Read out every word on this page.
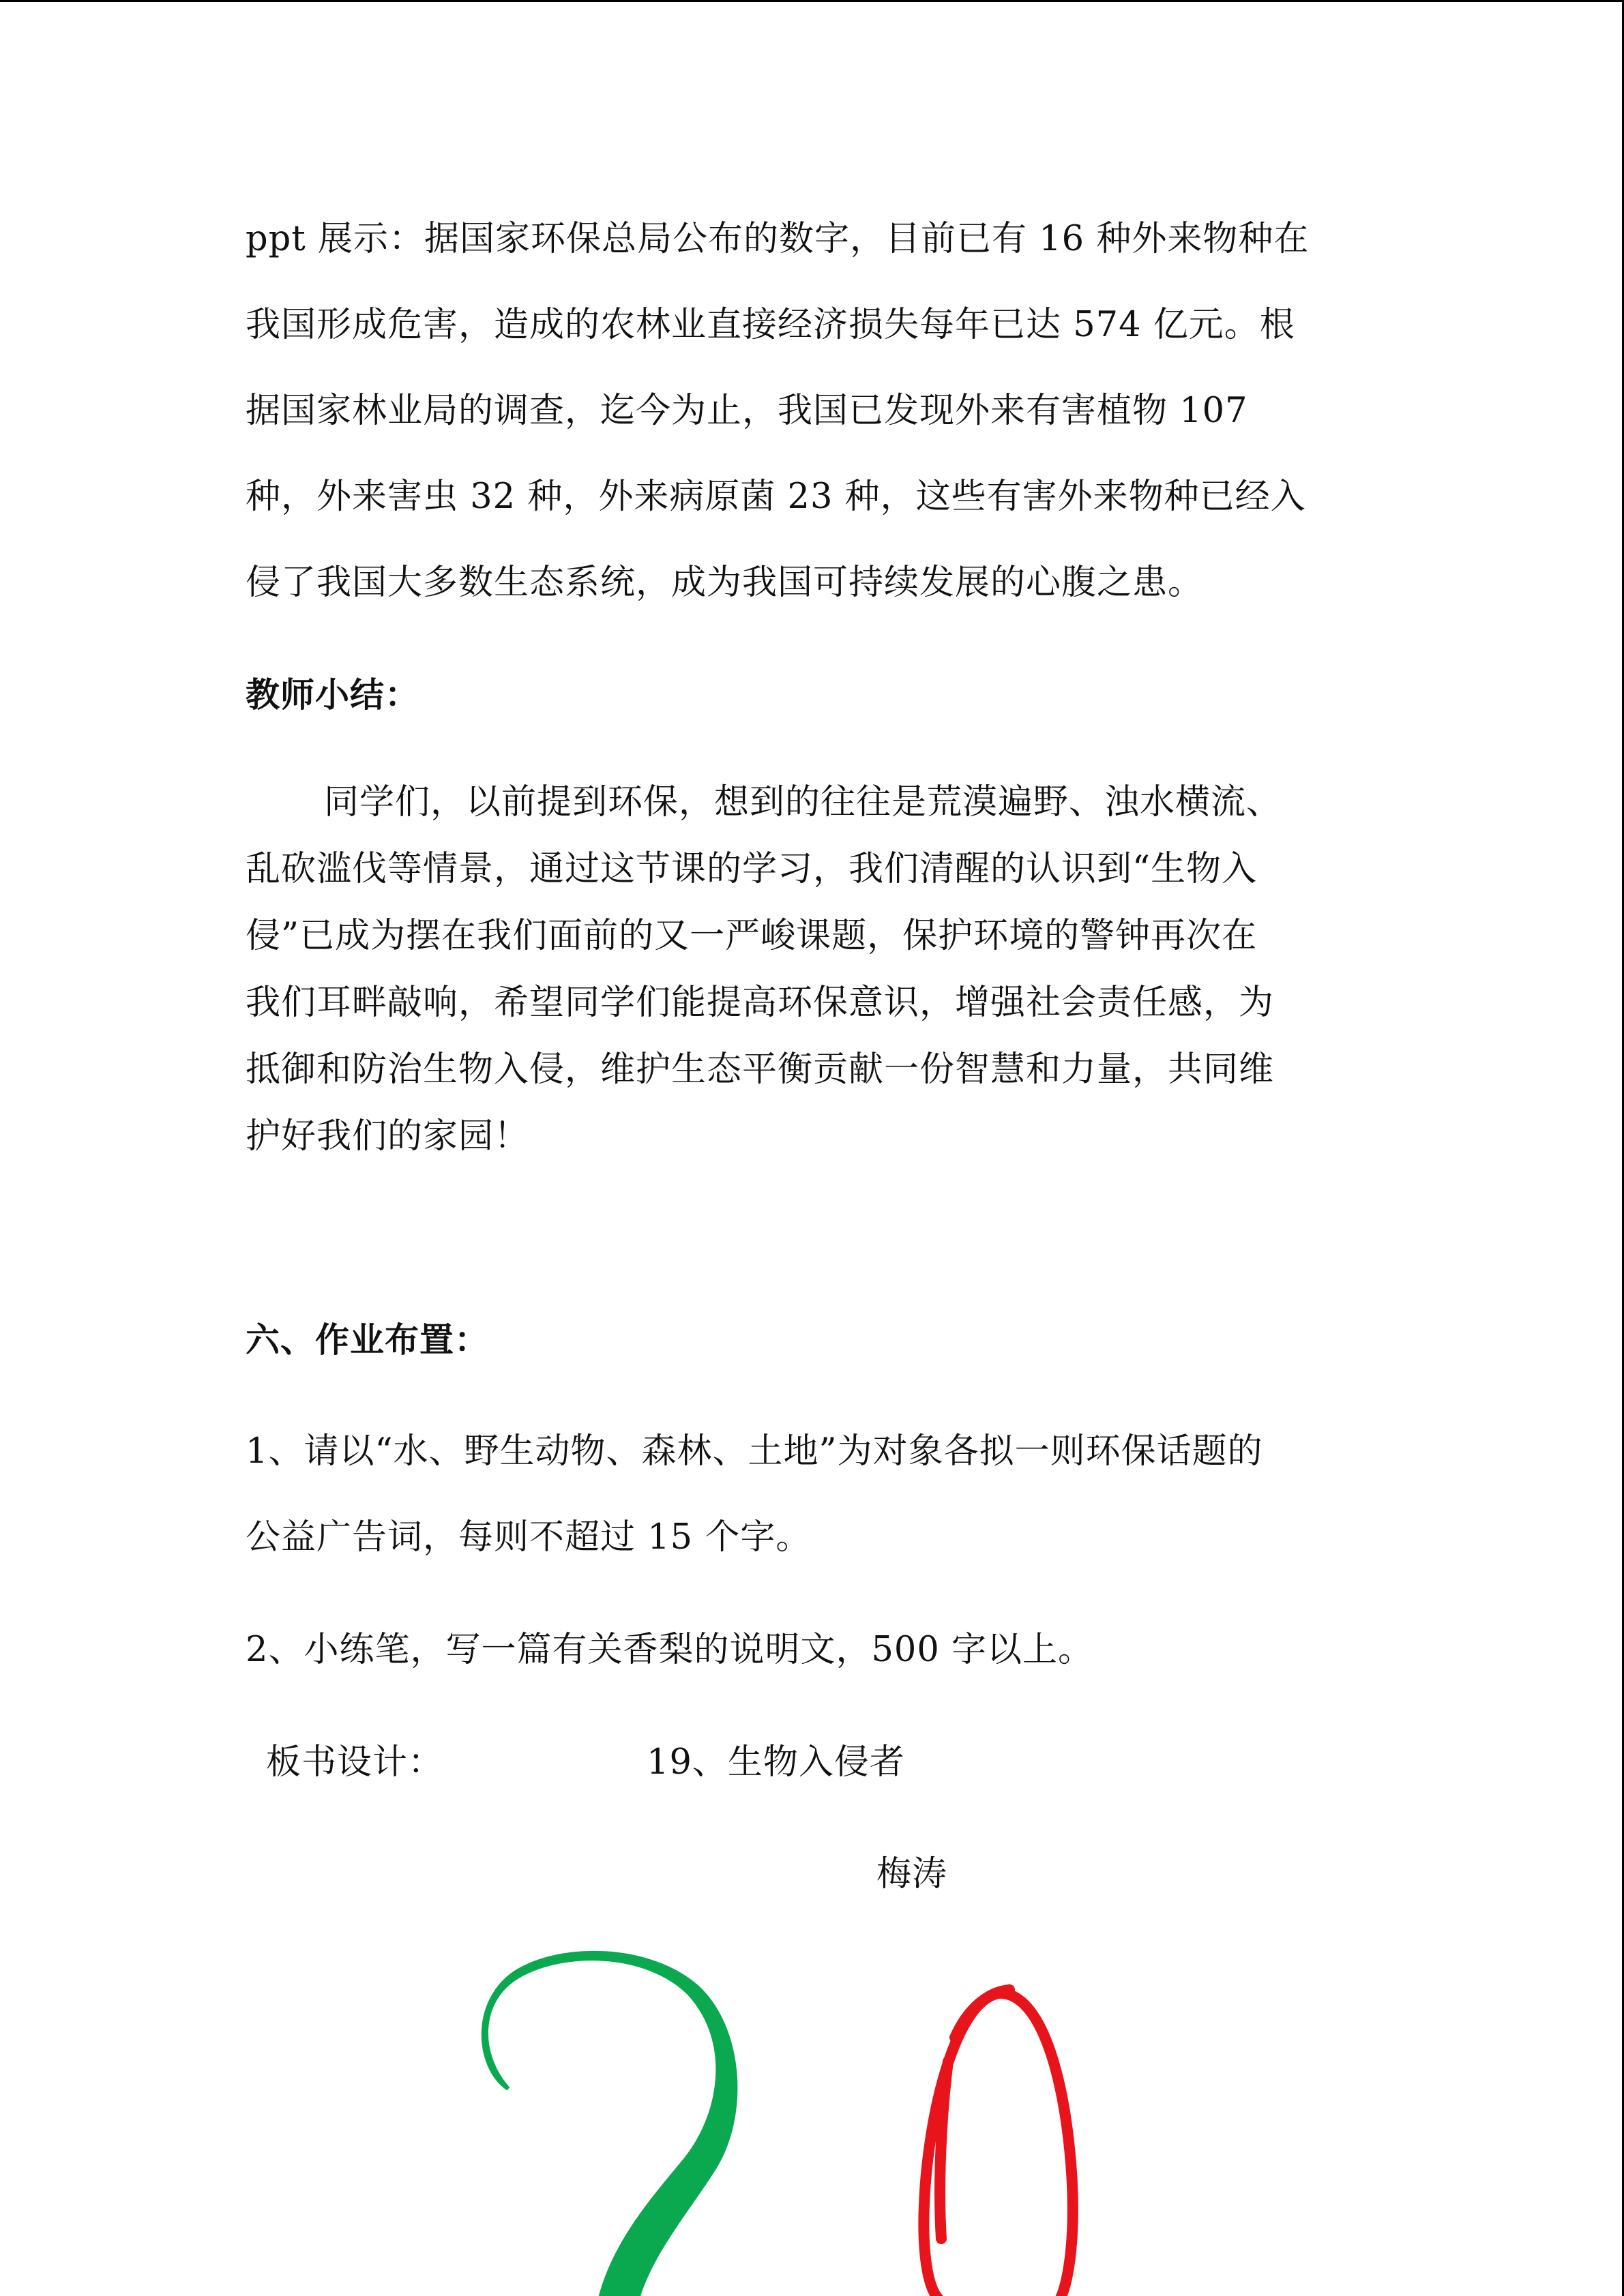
ppt 展示：据国家环保总局公布的数字，目前已有 16 种外来物种在
我国形成危害，造成的农林业直接经济损失每年已达 574 亿元。根
据国家林业局的调查，迄今为止，我国已发现外来有害植物 107
种，外来害虫 32 种，外来病原菌 23 种，这些有害外来物种已经入
侵了我国大多数生态系统，成为我国可持续发展的心腹之患。
教师小结：
同学们，以前提到环保，想到的往往是荒漠遍野、浊水横流、
乱砍滥伐等情景，通过这节课的学习，我们清醒的认识到“生物入
侵”已成为摆在我们面前的又一严峻课题，保护环境的警钟再次在
我们耳畔敲响，希望同学们能提高环保意识，增强社会责任感，为
抵御和防治生物入侵，维护生态平衡贡献一份智慧和力量，共同维
护好我们的家园！
六、作业布置：
1、请以“水、野生动物、森林、土地”为对象各拟一则环保话题的
公益广告词，每则不超过 15 个字。
2、小练笔，写一篇有关香梨的说明文，500 字以上。
板书设计：	19、生物入侵者
梅涛
